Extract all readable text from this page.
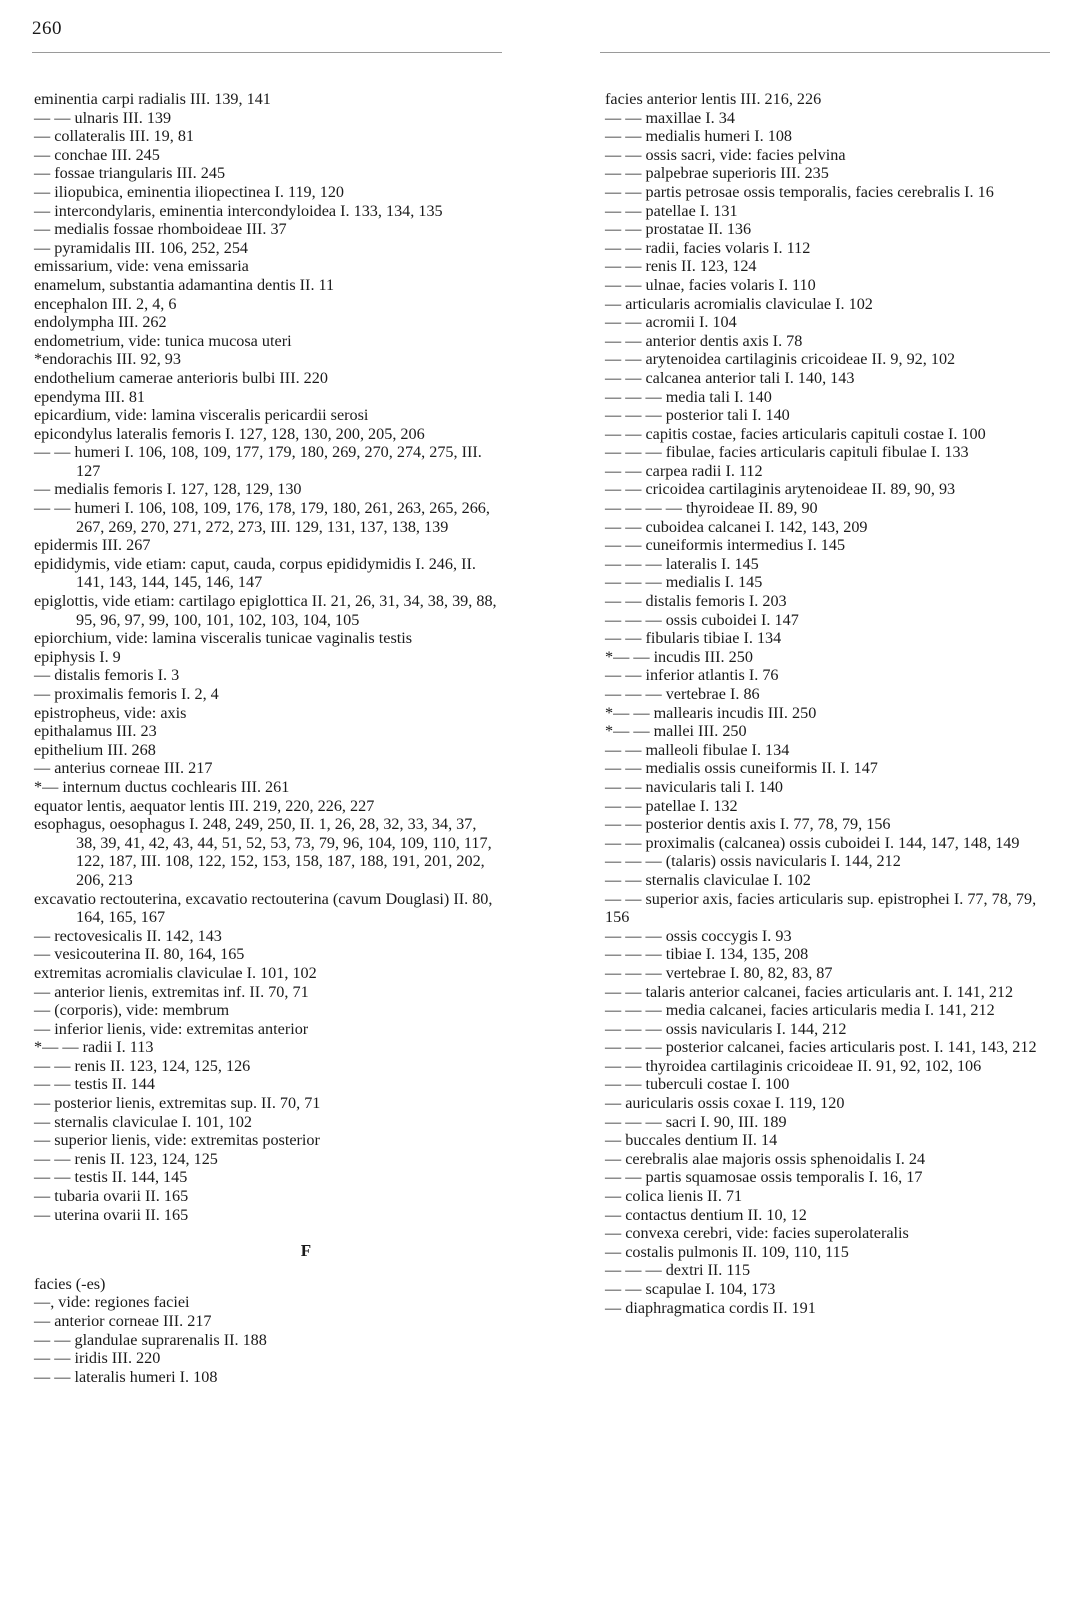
260
eminentia carpi radialis III. 139, 141
— — ulnaris III. 139
— collateralis III. 19, 81
— conchae III. 245
— fossae triangularis III. 245
— iliopubica, eminentia iliopectinea I. 119, 120
— intercondylaris, eminentia intercondyloidea I. 133, 134, 135
— medialis fossae rhomboideae III. 37
— pyramidalis III. 106, 252, 254
emissarium, vide: vena emissaria
enamelum, substantia adamantina dentis II. 11
encephalon III. 2, 4, 6
endolympha III. 262
endometrium, vide: tunica mucosa uteri
*endorachis III. 92, 93
endothelium camerae anterioris bulbi III. 220
ependyma III. 81
epicardium, vide: lamina visceralis pericardii serosi
epicondylus lateralis femoris I. 127, 128, 130, 200, 205, 206
— — humeri I. 106, 108, 109, 177, 179, 180, 269, 270, 274, 275, III. 127
— medialis femoris I. 127, 128, 129, 130
— — humeri I. 106, 108, 109, 176, 178, 179, 180, 261, 263, 265, 266, 267, 269, 270, 271, 272, 273, III. 129, 131, 137, 138, 139
epidermis III. 267
epididymis, vide etiam: caput, cauda, corpus epididymidis I. 246, II. 141, 143, 144, 145, 146, 147
epiglottis, vide etiam: cartilago epiglottica II. 21, 26, 31, 34, 38, 39, 88, 95, 96, 97, 99, 100, 101, 102, 103, 104, 105
epiorchium, vide: lamina visceralis tunicae vaginalis testis
epiphysis I. 9
— distalis femoris I. 3
— proximalis femoris I. 2, 4
epistropheus, vide: axis
epithalamus III. 23
epithelium III. 268
— anterius corneae III. 217
*— internum ductus cochlearis III. 261
equator lentis, aequator lentis III. 219, 220, 226, 227
esophagus, oesophagus I. 248, 249, 250, II. 1, 26, 28, 32, 33, 34, 37, 38, 39, 41, 42, 43, 44, 51, 52, 53, 73, 79, 96, 104, 109, 110, 117, 122, 187, III. 108, 122, 152, 153, 158, 187, 188, 191, 201, 202, 206, 213
excavatio rectouterina, excavatio rectouterina (cavum Douglasi) II. 80, 164, 165, 167
— rectovesicalis II. 142, 143
— vesicouterina II. 80, 164, 165
extremitas acromialis claviculae I. 101, 102
— anterior lienis, extremitas inf. II. 70, 71
— (corporis), vide: membrum
— inferior lienis, vide: extremitas anterior
*— — radii I. 113
— — renis II. 123, 124, 125, 126
— — testis II. 144
— posterior lienis, extremitas sup. II. 70, 71
— sternalis claviculae I. 101, 102
— superior lienis, vide: extremitas posterior
— — renis II. 123, 124, 125
— — testis II. 144, 145
— tubaria ovarii II. 165
— uterina ovarii II. 165
F
facies (-es)
—, vide: regiones faciei
— anterior corneae III. 217
— — glandulae suprarenalis II. 188
— — iridis III. 220
— — lateralis humeri I. 108
facies anterior lentis III. 216, 226
— — maxillae I. 34
— — medialis humeri I. 108
— — ossis sacri, vide: facies pelvina
— — palpebrae superioris III. 235
— — partis petrosae ossis temporalis, facies cerebralis I. 16
— — patellae I. 131
— — prostatae II. 136
— — radii, facies volaris I. 112
— — renis II. 123, 124
— — ulnae, facies volaris I. 110
— articularis acromialis claviculae I. 102
— — acromii I. 104
— — anterior dentis axis I. 78
— — arytenoidea cartilaginis cricoideae II. 9, 92, 102
— — calcanea anterior tali I. 140, 143
— — — media tali I. 140
— — — posterior tali I. 140
— — capitis costae, facies articularis capituli costae I. 100
— — — fibulae, facies articularis capituli fibulae I. 133
— — carpea radii I. 112
— — cricoidea cartilaginis arytenoideae II. 89, 90, 93
— — — — thyroideae II. 89, 90
— — cuboidea calcanei I. 142, 143, 209
— — cuneiformis intermedius I. 145
— — — lateralis I. 145
— — — medialis I. 145
— — distalis femoris I. 203
— — — ossis cuboidei I. 147
— — fibularis tibiae I. 134
*— — incudis III. 250
— — inferior atlantis I. 76
— — — vertebrae I. 86
*— — mallearis incudis III. 250
*— — mallei III. 250
— — malleoli fibulae I. 134
— — medialis ossis cuneiformis II. I. 147
— — navicularis tali I. 140
— — patellae I. 132
— — posterior dentis axis I. 77, 78, 79, 156
— — proximalis (calcanea) ossis cuboidei I. 144, 147, 148, 149
— — — (talaris) ossis navicularis I. 144, 212
— — sternalis claviculae I. 102
— — superior axis, facies articularis sup. epistrophei I. 77, 78, 79, 156
— — — ossis coccygis I. 93
— — — tibiae I. 134, 135, 208
— — — vertebrae I. 80, 82, 83, 87
— — talaris anterior calcanei, facies articularis ant. I. 141, 212
— — — media calcanei, facies articularis media I. 141, 212
— — — ossis navicularis I. 144, 212
— — — posterior calcanei, facies articularis post. I. 141, 143, 212
— — thyroidea cartilaginis cricoideae II. 91, 92, 102, 106
— — tuberculi costae I. 100
— auricularis ossis coxae I. 119, 120
— — — sacri I. 90, III. 189
— buccales dentium II. 14
— cerebralis alae majoris ossis sphenoidalis I. 24
— — partis squamosae ossis temporalis I. 16, 17
— colica lienis II. 71
— contactus dentium II. 10, 12
— convexa cerebri, vide: facies superolateralis
— costalis pulmonis II. 109, 110, 115
— — — dextri II. 115
— — scapulae I. 104, 173
— diaphragmatica cordis II. 191
